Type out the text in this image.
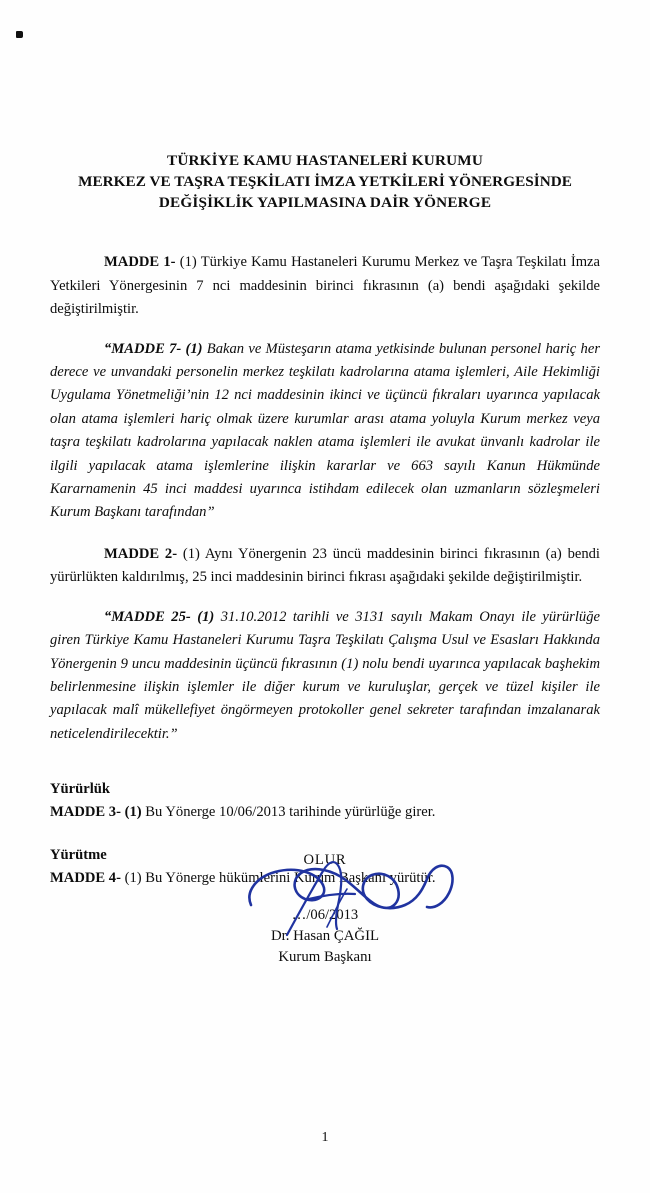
TÜRKİYE KAMU HASTANELERİ KURUMU
MERKEZ VE TAŞRA TEŞKİLATI İMZA YETKİLERİ YÖNERGESİNDE
DEĞİŞİKLİK YAPILMASINA DAİR YÖNERGE

MADDE 1- (1) Türkiye Kamu Hastaneleri Kurumu Merkez ve Taşra Teşkilatı İmza Yetkileri Yönergesinin 7 nci maddesinin birinci fıkrasının (a) bendi aşağıdaki şekilde değiştirilmiştir.

“MADDE 7- (1) Bakan ve Müsteşarın atama yetkisinde bulunan personel hariç her derece ve unvandaki personelin merkez teşkilatı kadrolarına atama işlemleri, Aile Hekimliği Uygulama Yönetmeliği’nin 12 nci maddesinin ikinci ve üçüncü fıkraları uyarınca yapılacak olan atama işlemleri hariç olmak üzere kurumlar arası atama yoluyla Kurum merkez veya taşra teşkilatı kadrolarına yapılacak naklen atama işlemleri ile avukat ünvanlı kadrolar ile ilgili yapılacak atama işlemlerine ilişkin kararlar ve 663 sayılı Kanun Hükmünde Kararnamenin 45 inci maddesi uyarınca istihdam edilecek olan uzmanların sözleşmeleri Kurum Başkanı tarafından”

MADDE 2- (1) Aynı Yönergenin 23 üncü maddesinin birinci fıkrasının (a) bendi yürürlükten kaldırılmış, 25 inci maddesinin birinci fıkrası aşağıdaki şekilde değiştirilmiştir.

“MADDE 25- (1) 31.10.2012 tarihli ve 3131 sayılı Makam Onayı ile yürürlüğe giren Türkiye Kamu Hastaneleri Kurumu Taşra Teşkilatı Çalışma Usul ve Esasları Hakkında Yönergenin 9 uncu maddesinin üçüncü fıkrasının (1) nolu bendi uyarınca yapılacak başhekim belirlenmesine ilişkin işlemler ile diğer kurum ve kuruluşlar, gerçek ve tüzel kişiler ile yapılacak malî mükellefiyet öngörmeyen protokoller genel sekreter tarafından imzalanarak neticelendirilecektir.”

Yürürlük

MADDE 3- (1) Bu Yönerge 10/06/2013 tarihinde yürürlüğe girer.

Yürütme

MADDE 4- (1) Bu Yönerge hükümlerini Kurum Başkanı yürütür.

OLUR
…/06/2013
Dr. Hasan ÇAĞIL
Kurum Başkanı
1
